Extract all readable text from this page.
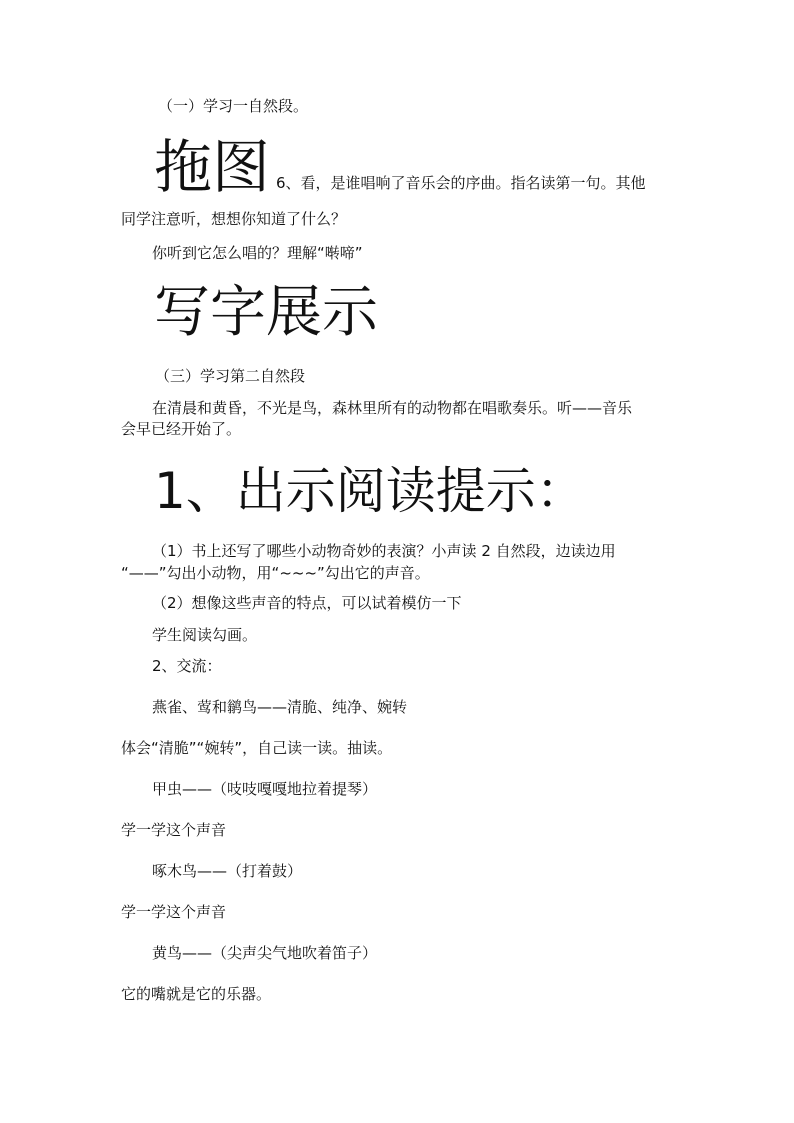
（一）学习一自然段。

拖图 6、看，是谁唱响了音乐会的序曲。指名读第一句。其他

同学注意听，想想你知道了什么？

你听到它怎么唱的？理解“啭啼”

写字展示

（三）学习第二自然段

在清晨和黄昏，不光是鸟，森林里所有的动物都在唱歌奏乐。听——音乐

会早已经开始了。

1、出示阅读提示：

（1）书上还写了哪些小动物奇妙的表演？小声读 2 自然段，边读边用

“——”勾出小动物，用“~~~”勾出它的声音。

（2）想像这些声音的特点，可以试着模仿一下

学生阅读勾画。

2、交流：

燕雀、莺和鹟鸟——清脆、纯净、婉转

体会“清脆”“婉转”，自己读一读。抽读。

甲虫——（吱吱嘎嘎地拉着提琴）

学一学这个声音

啄木鸟——（打着鼓）

学一学这个声音

黄鸟——（尖声尖气地吹着笛子）

它的嘴就是它的乐器。
